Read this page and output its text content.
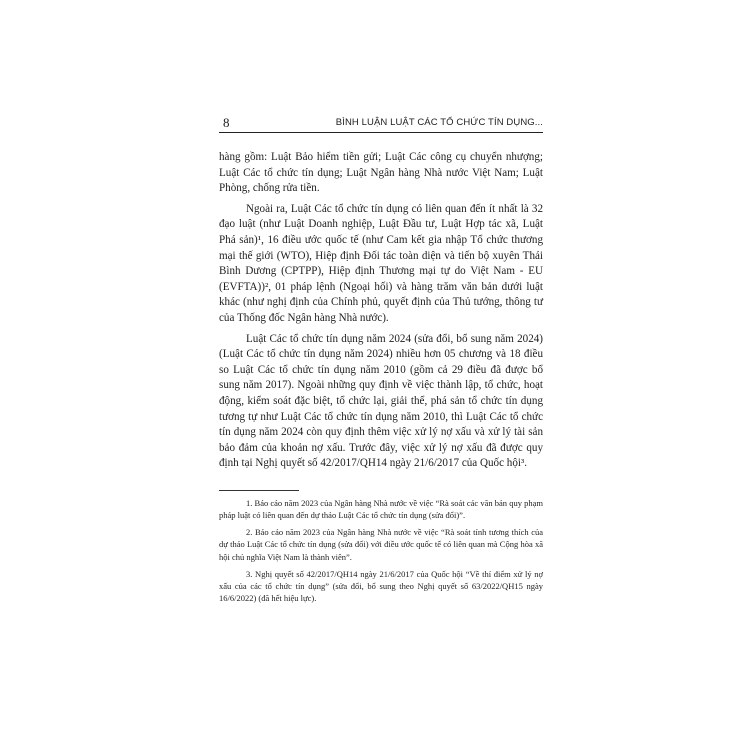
8	BÌNH LUẬN LUẬT CÁC TỔ CHỨC TÍN DỤNG...

hàng gồm: Luật Bảo hiểm tiền gửi; Luật Các công cụ chuyển nhượng; Luật Các tổ chức tín dụng; Luật Ngân hàng Nhà nước Việt Nam; Luật Phòng, chống rửa tiền.

Ngoài ra, Luật Các tổ chức tín dụng có liên quan đến ít nhất là 32 đạo luật (như Luật Doanh nghiệp, Luật Đầu tư, Luật Hợp tác xã, Luật Phá sản)¹, 16 điều ước quốc tế (như Cam kết gia nhập Tổ chức thương mại thế giới (WTO), Hiệp định Đối tác toàn diện và tiến bộ xuyên Thái Bình Dương (CPTPP), Hiệp định Thương mại tự do Việt Nam - EU (EVFTA))², 01 pháp lệnh (Ngoại hối) và hàng trăm văn bản dưới luật khác (như nghị định của Chính phủ, quyết định của Thủ tướng, thông tư của Thống đốc Ngân hàng Nhà nước).

Luật Các tổ chức tín dụng năm 2024 (sửa đổi, bổ sung năm 2024) (Luật Các tổ chức tín dụng năm 2024) nhiều hơn 05 chương và 18 điều so Luật Các tổ chức tín dụng năm 2010 (gồm cả 29 điều đã được bổ sung năm 2017). Ngoài những quy định về việc thành lập, tổ chức, hoạt động, kiểm soát đặc biệt, tổ chức lại, giải thể, phá sản tổ chức tín dụng tương tự như Luật Các tổ chức tín dụng năm 2010, thì Luật Các tổ chức tín dụng năm 2024 còn quy định thêm việc xử lý nợ xấu và xử lý tài sản bảo đảm của khoản nợ xấu. Trước đây, việc xử lý nợ xấu đã được quy định tại Nghị quyết số 42/2017/QH14 ngày 21/6/2017 của Quốc hội³.

1. Báo cáo năm 2023 của Ngân hàng Nhà nước về việc “Rà soát các văn bản quy phạm pháp luật có liên quan đến dự thảo Luật Các tổ chức tín dụng (sửa đổi)”.

2. Báo cáo năm 2023 của Ngân hàng Nhà nước về việc “Rà soát tính tương thích của dự thảo Luật Các tổ chức tín dụng (sửa đổi) với điều ước quốc tế có liên quan mà Cộng hòa xã hội chủ nghĩa Việt Nam là thành viên”.

3. Nghị quyết số 42/2017/QH14 ngày 21/6/2017 của Quốc hội “Về thí điểm xử lý nợ xấu của các tổ chức tín dụng” (sửa đổi, bổ sung theo Nghị quyết số 63/2022/QH15 ngày 16/6/2022) (đã hết hiệu lực).
